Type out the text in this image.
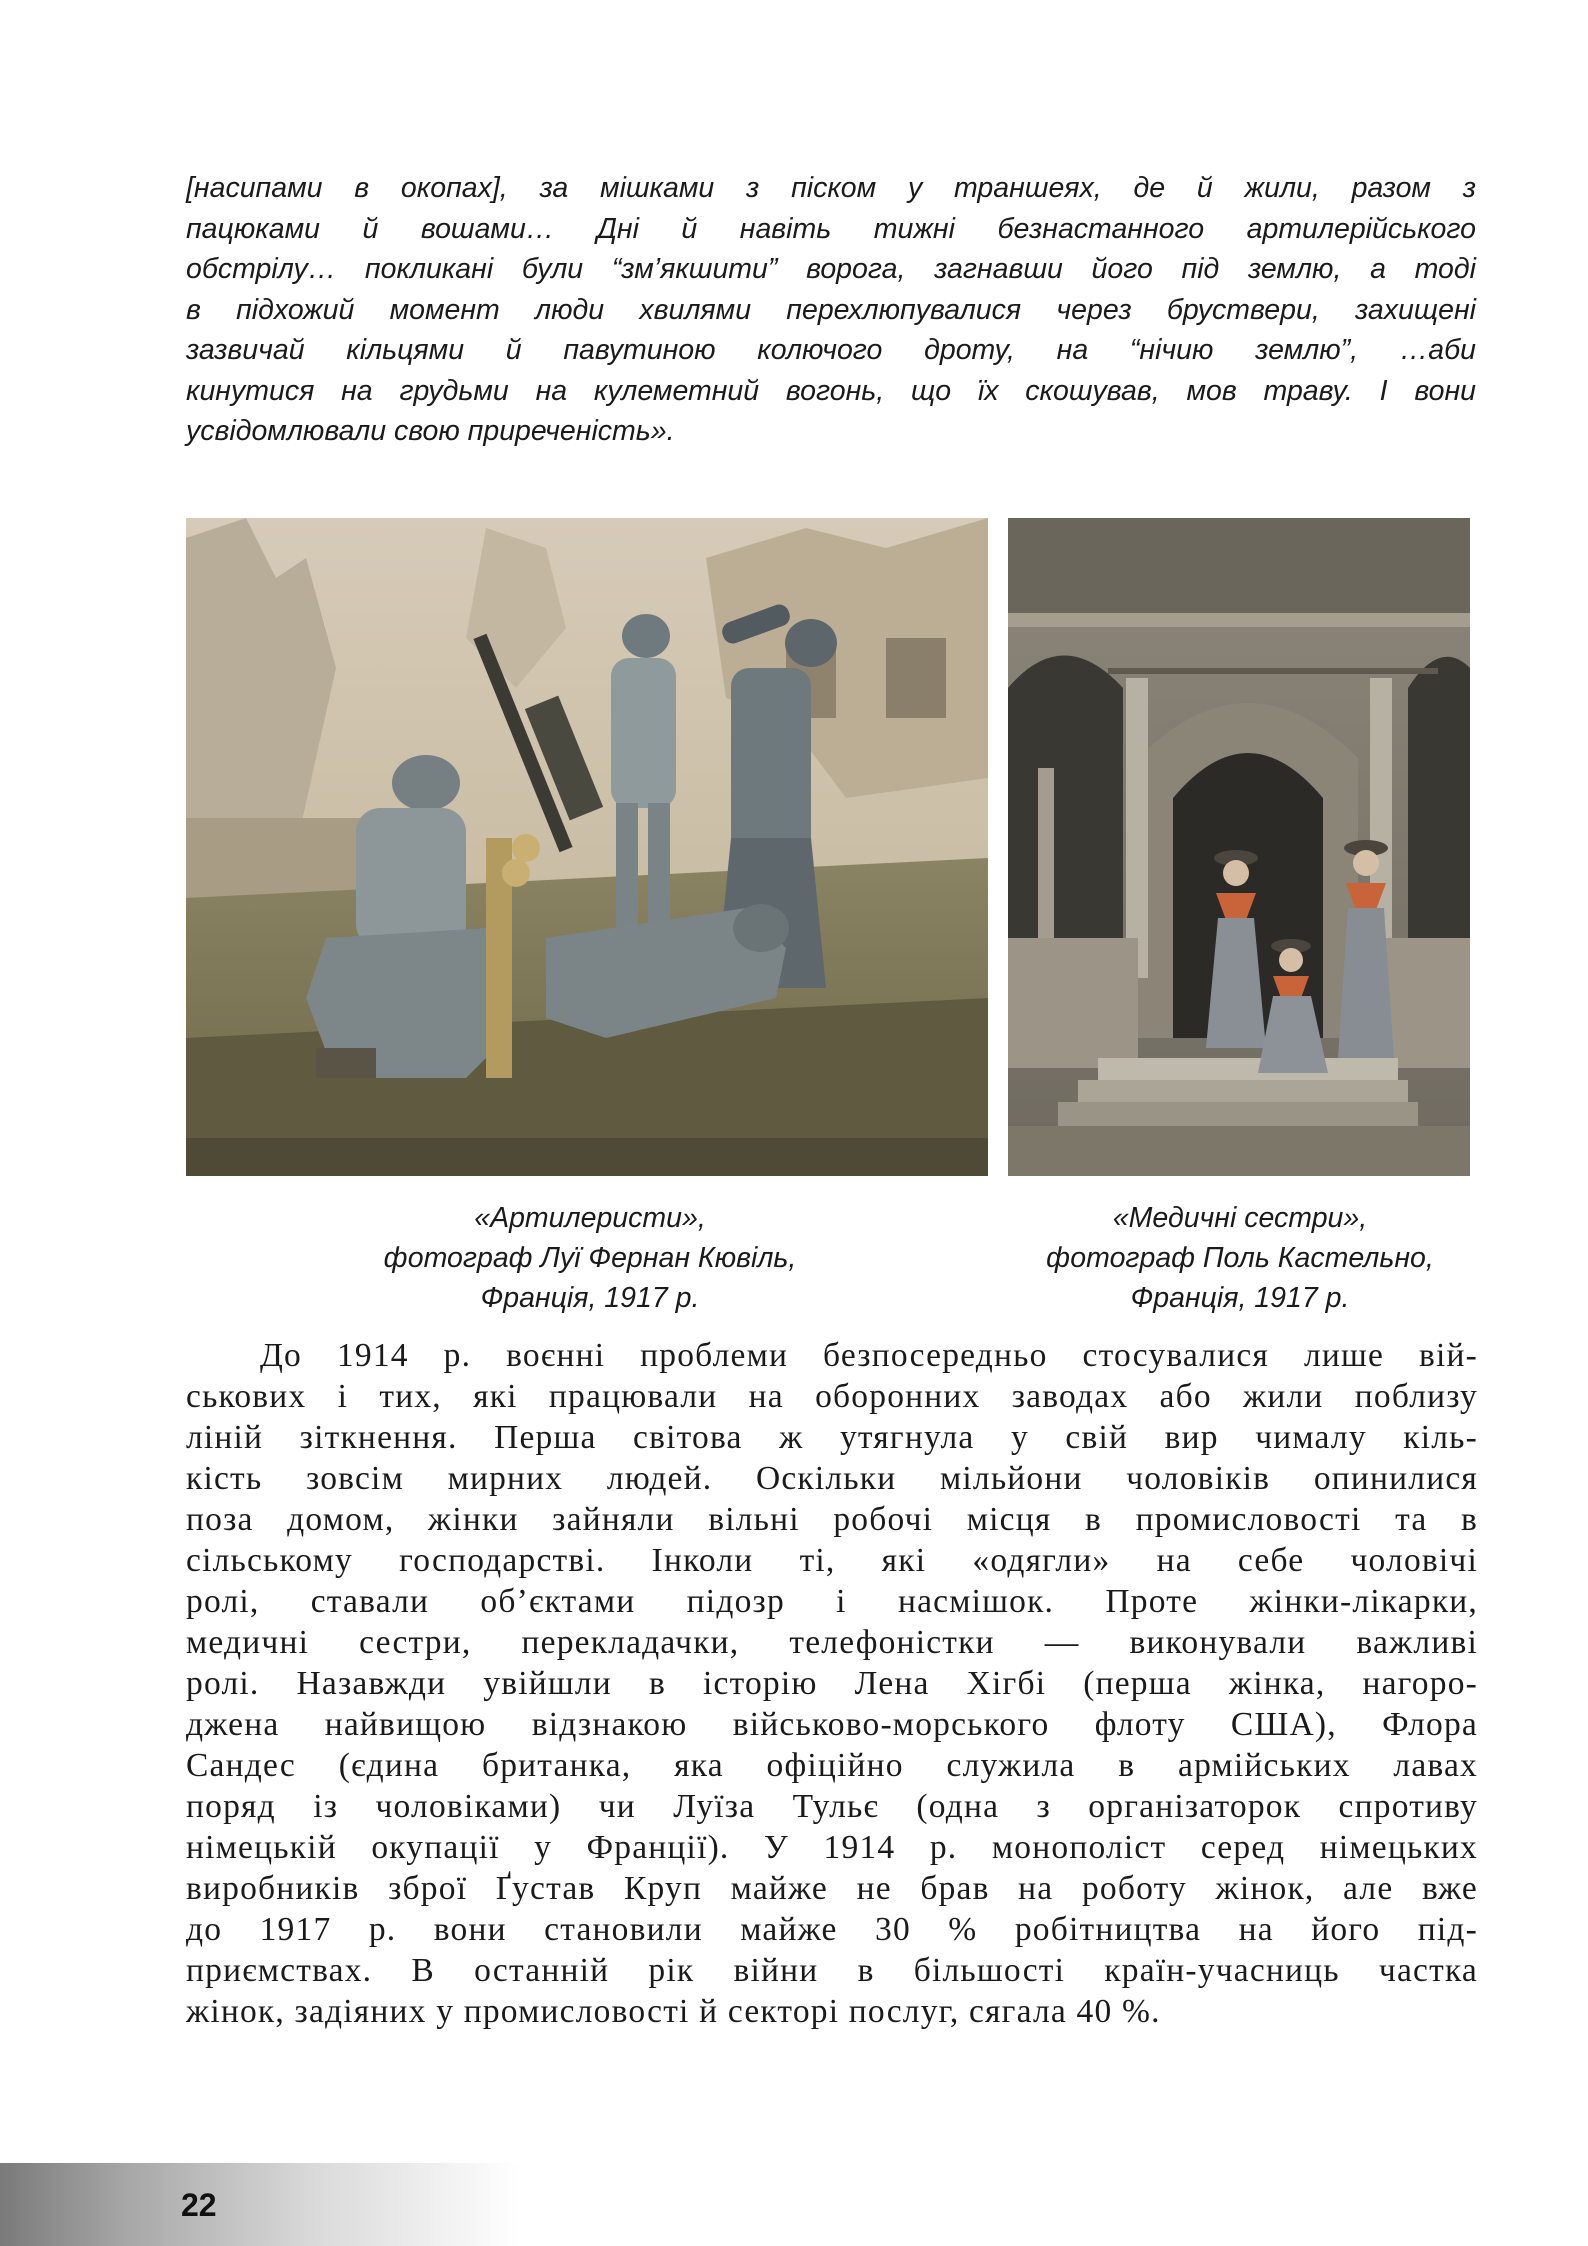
[насипами в окопах], за мішками з піском у траншеях, де й жили, разом з
пацюками й вошами… Дні й навіть тижні безнастанного артилерійського
обстрілу… покликані були “зм’якшити” ворога, загнавши його під землю, а тоді
в підхожий момент люди хвилями перехлюпувалися через бруствери, захищені
зазвичай кільцями й павутиною колючого дроту, на “нічию землю”, …аби
кинутися на грудьми на кулеметний вогонь, що їх скошував, мов траву. І вони
усвідомлювали свою приреченість».
«Артилеристи»,
фотограф Луї Фернан Кювіль,
Франція, 1917 р.
«Медичні сестри»,
фотограф Поль Кастельно,
Франція, 1917 р.
До 1914 р. воєнні проблеми безпосередньо стосувалися лише вій-
ськових і тих, які працювали на оборонних заводах або жили поблизу
ліній зіткнення. Перша світова ж утягнула у свій вир чималу кіль-
кість зовсім мирних людей. Оскільки мільйони чоловіків опинилися
поза домом, жінки зайняли вільні робочі місця в промисловості та в
сільському господарстві. Інколи ті, які «одягли» на себе чоловічі
ролі, ставали об’єктами підозр і насмішок. Проте жінки-лікарки,
медичні сестри, перекладачки, телефоністки — виконували важливі
ролі. Назавжди увійшли в історію Лена Хігбі (перша жінка, нагоро-
джена найвищою відзнакою військово-морського флоту США), Флора
Сандес (єдина британка, яка офіційно служила в армійських лавах
поряд із чоловіками) чи Луїза Тульє (одна з організаторок спротиву
німецькій окупації у Франції). У 1914 р. монополіст серед німецьких
виробників зброї Ґустав Круп майже не брав на роботу жінок, але вже
до 1917 р. вони становили майже 30 % робітництва на його під-
приємствах. В останній рік війни в більшості країн-учасниць частка
жінок, задіяних у промисловості й секторі послуг, сягала 40 %.
22
